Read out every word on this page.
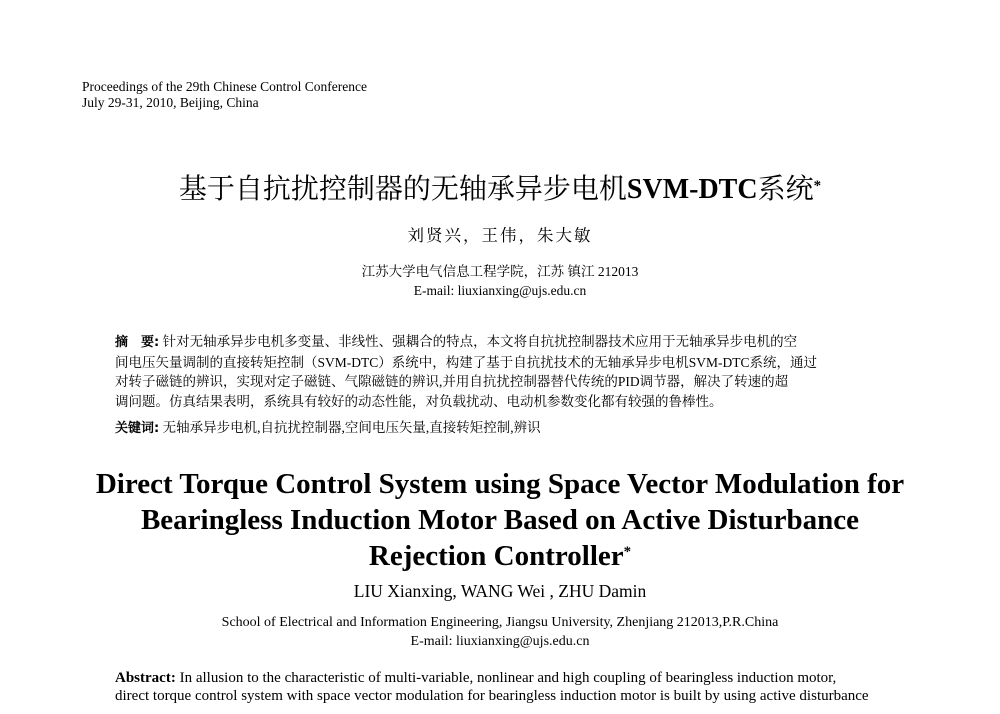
Proceedings of the 29th Chinese Control Conference
July 29-31, 2010, Beijing, China
基于自抗扰控制器的无轴承异步电机SVM-DTC系统*
刘贤兴，王伟，朱大敏
江苏大学电气信息工程学院，江苏 镇江 212013
E-mail: liuxianxing@ujs.edu.cn
摘　要: 针对无轴承异步电机多变量、非线性、强耦合的特点，本文将自抗扰控制器技术应用于无轴承异步电机的空
间电压矢量调制的直接转矩控制（SVM-DTC）系统中，构建了基于自抗扰技术的无轴承异步电机SVM-DTC系统，通过
对转子磁链的辨识，实现对定子磁链、气隙磁链的辨识,并用自抗扰控制器替代传统的PID调节器，解决了转速的超
调问题。仿真结果表明，系统具有较好的动态性能，对负载扰动、电动机参数变化都有较强的鲁棒性。
关键词: 无轴承异步电机,自抗扰控制器,空间电压矢量,直接转矩控制,辨识
Direct Torque Control System using Space Vector Modulation for
Bearingless Induction Motor Based on Active Disturbance
Rejection Controller*
LIU Xianxing, WANG Wei , ZHU Damin
School of Electrical and Information Engineering, Jiangsu University, Zhenjiang 212013,P.R.China
E-mail: liuxianxing@ujs.edu.cn
Abstract: In allusion to the characteristic of multi-variable, nonlinear and high coupling of bearingless induction motor,
direct torque control system with space vector modulation for bearingless induction motor is built by using active disturbance
